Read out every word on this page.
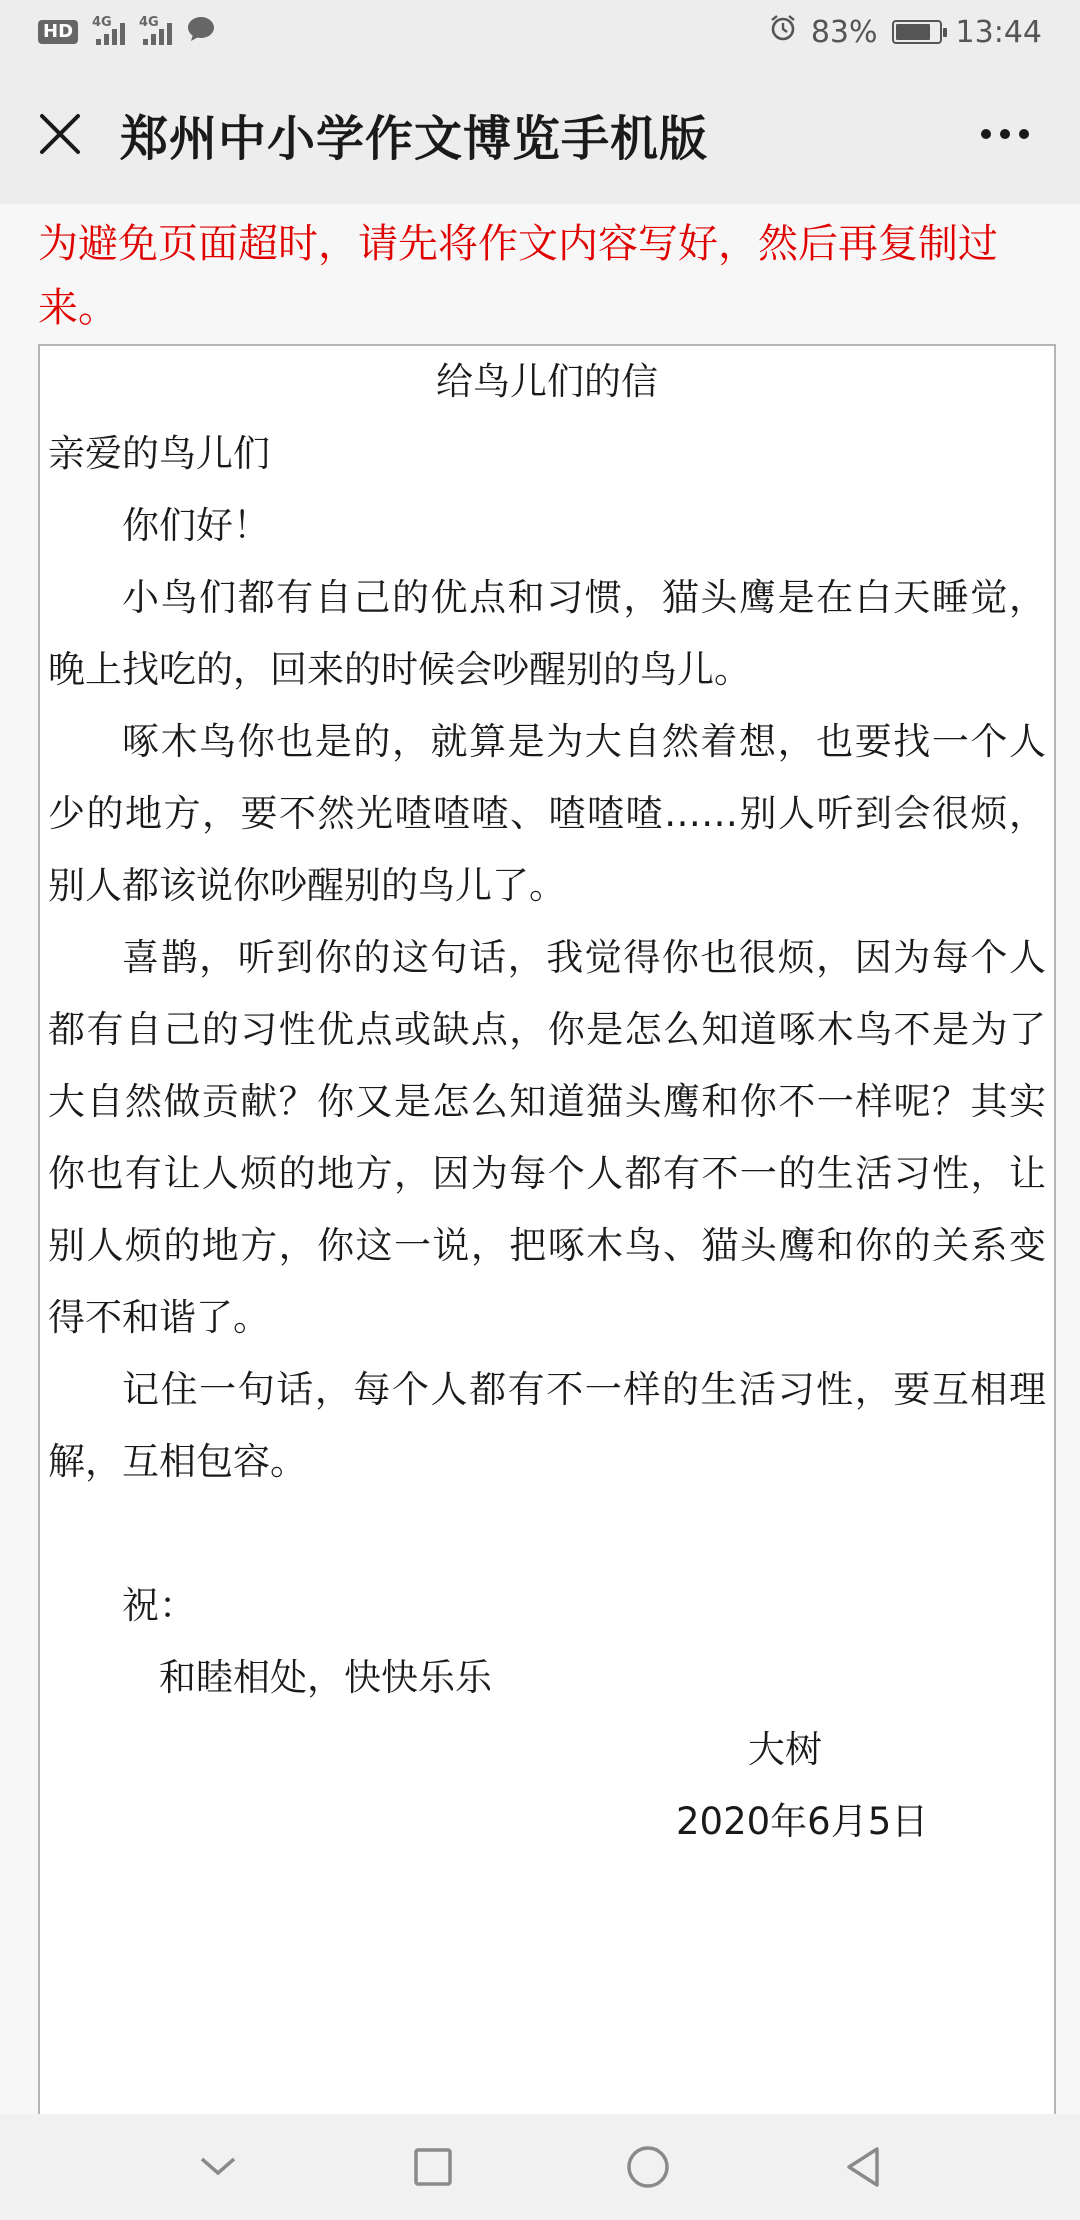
HD	4G 4G	83%	13:44
郑州中小学作文博览手机版
为避免页面超时，请先将作文内容写好，然后再复制过来。
给鸟儿们的信

亲爱的鸟儿们

你们好！

小鸟们都有自己的优点和习惯，猫头鹰是在白天睡觉，晚上找吃的，回来的时候会吵醒别的鸟儿。

啄木鸟你也是的，就算是为大自然着想，也要找一个人少的地方，要不然光喳喳喳、喳喳喳……别人听到会很烦，别人都该说你吵醒别的鸟儿了。

喜鹊，听到你的这句话，我觉得你也很烦，因为每个人都有自己的习性优点或缺点，你是怎么知道啄木鸟不是为了大自然做贡献？你又是怎么知道猫头鹰和你不一样呢？其实你也有让人烦的地方，因为每个人都有不一的生活习性，让别人烦的地方，你这一说，把啄木鸟、猫头鹰和你的关系变得不和谐了。

记住一句话，每个人都有不一样的生活习性，要互相理解，互相包容。

祝：

和睦相处，快快乐乐

大树

2020年6月5日
